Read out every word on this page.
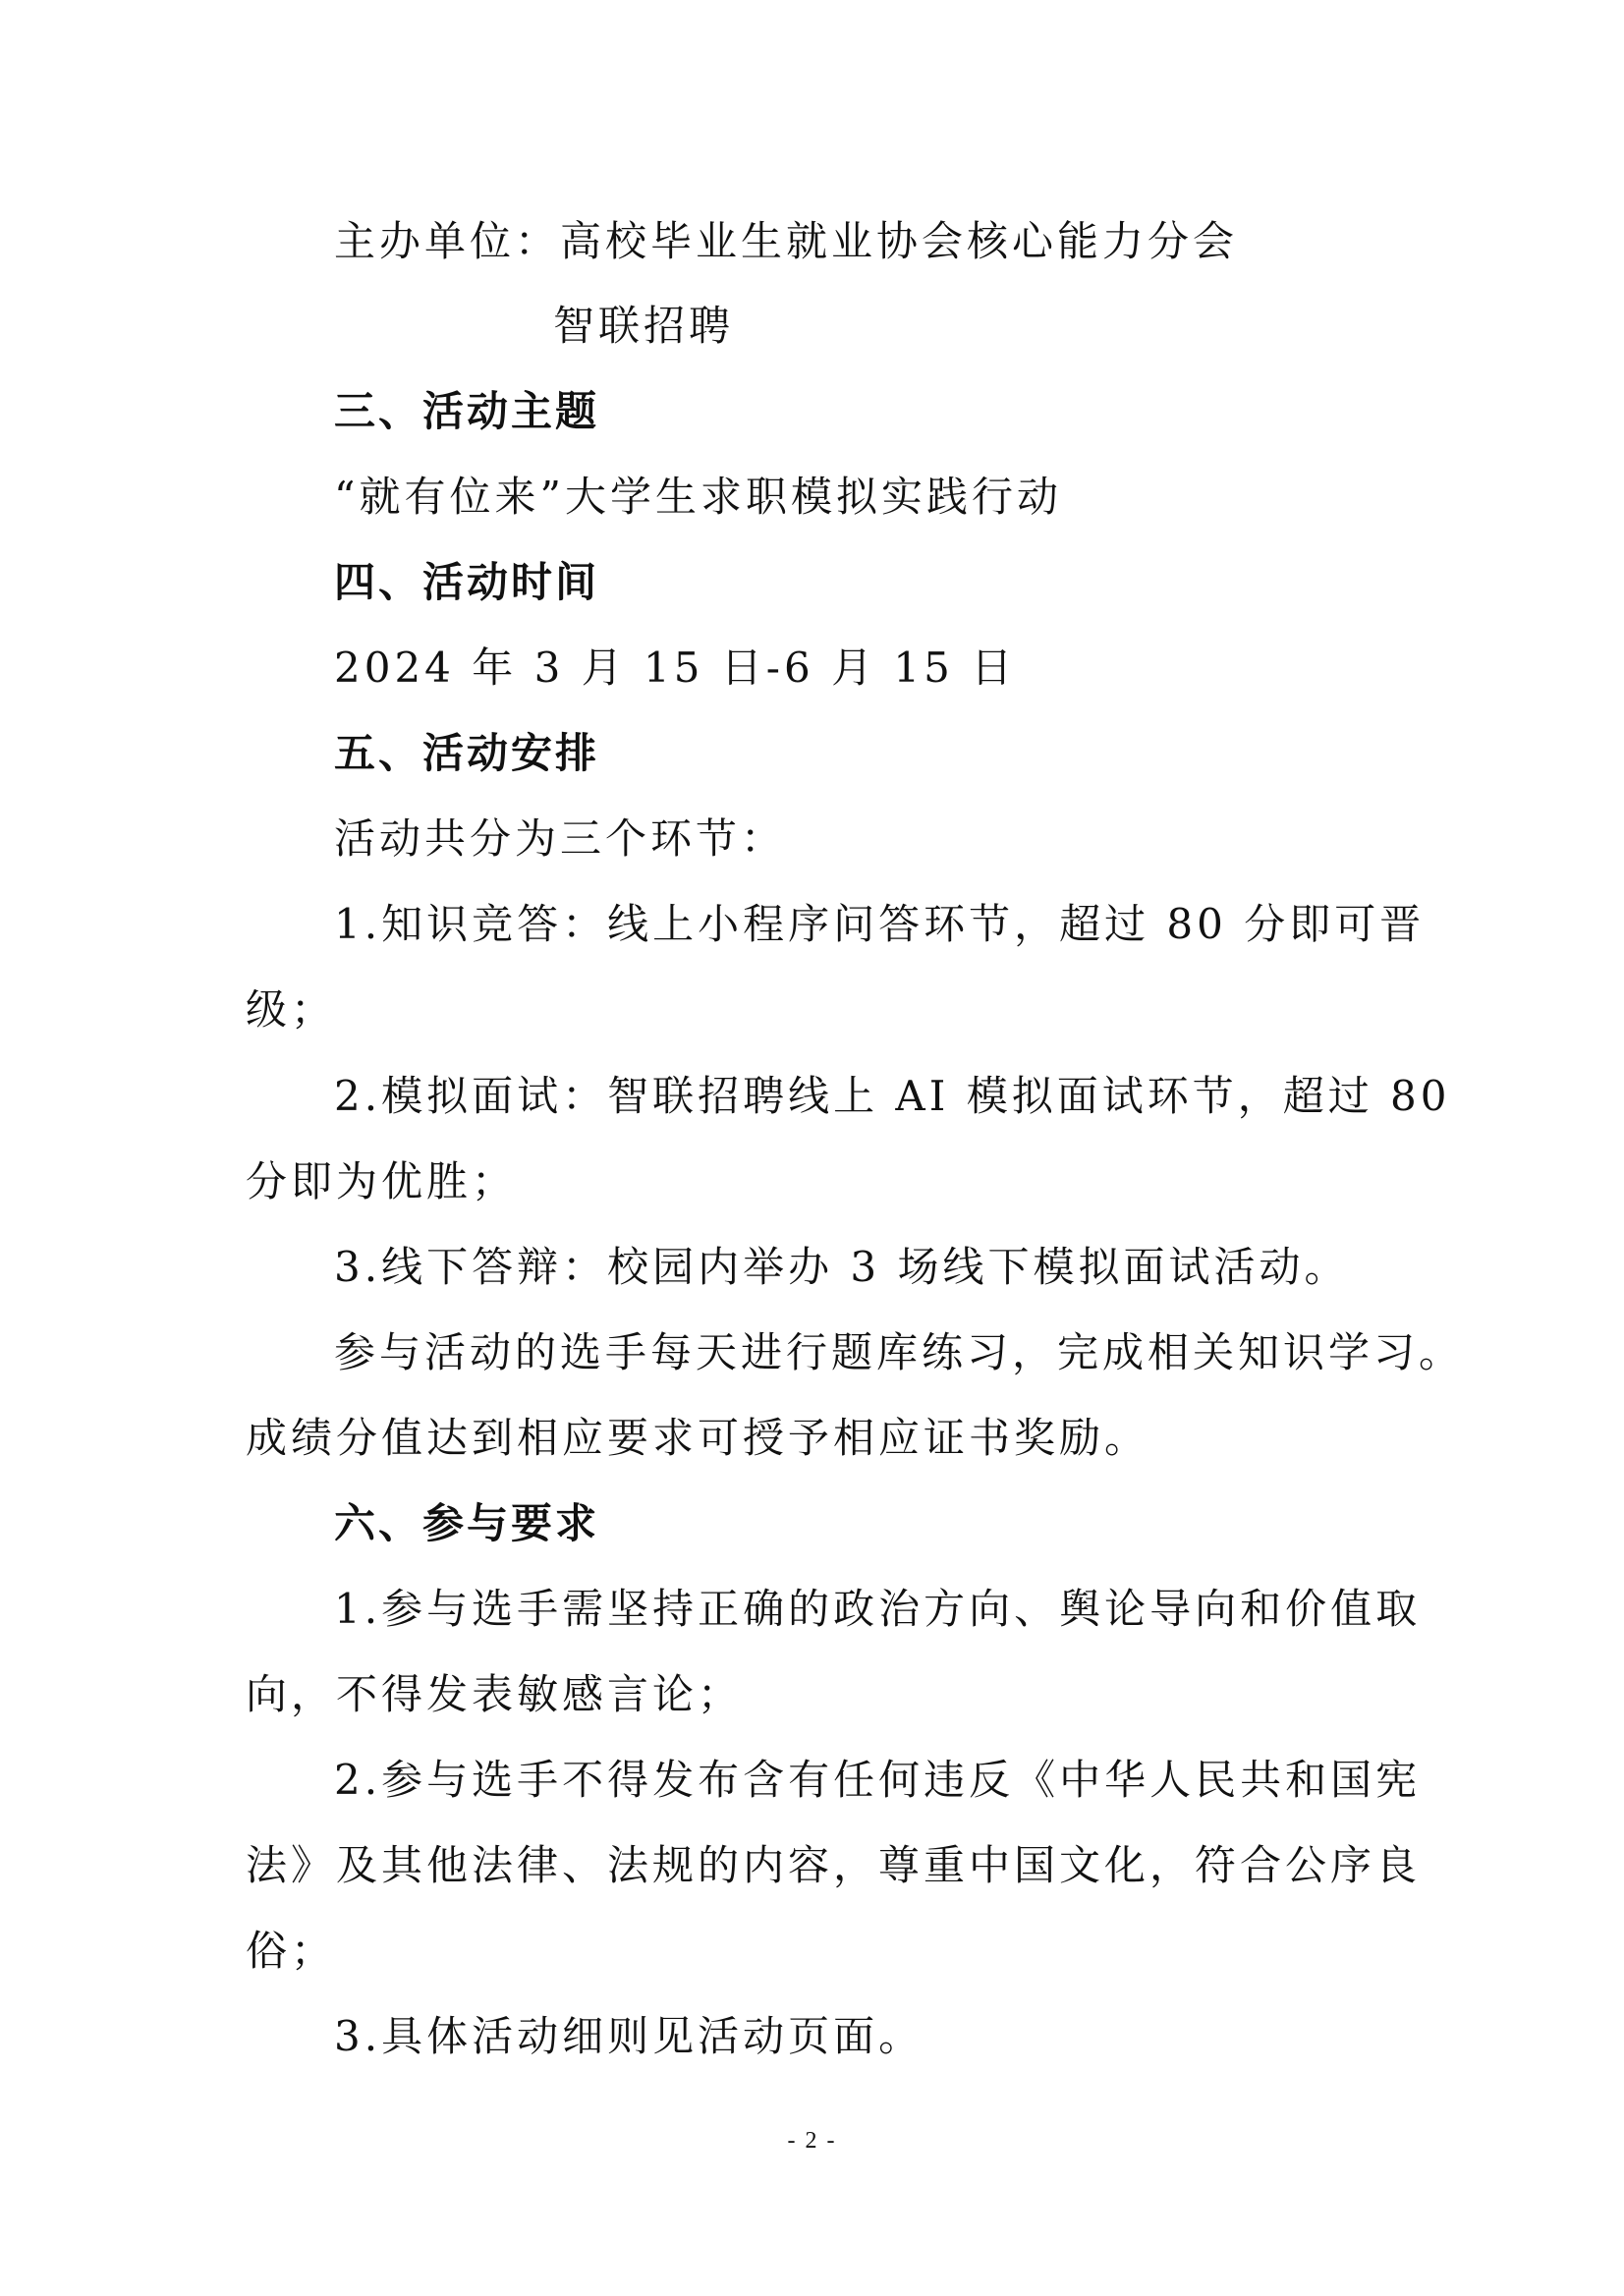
主办单位：高校毕业生就业协会核心能力分会
智联招聘
三、活动主题
“就有位来”大学生求职模拟实践行动
四、活动时间
2024 年 3 月 15 日-6 月 15 日
五、活动安排
活动共分为三个环节：
1.知识竞答：线上小程序问答环节，超过 80 分即可晋
级；
2.模拟面试：智联招聘线上 AI 模拟面试环节，超过 80
分即为优胜；
3.线下答辩：校园内举办 3 场线下模拟面试活动。
参与活动的选手每天进行题库练习，完成相关知识学习。
成绩分值达到相应要求可授予相应证书奖励。
六、参与要求
1.参与选手需坚持正确的政治方向、舆论导向和价值取
向，不得发表敏感言论；
2.参与选手不得发布含有任何违反《中华人民共和国宪
法》及其他法律、法规的内容，尊重中国文化，符合公序良
俗；
3.具体活动细则见活动页面。
- 2 -
